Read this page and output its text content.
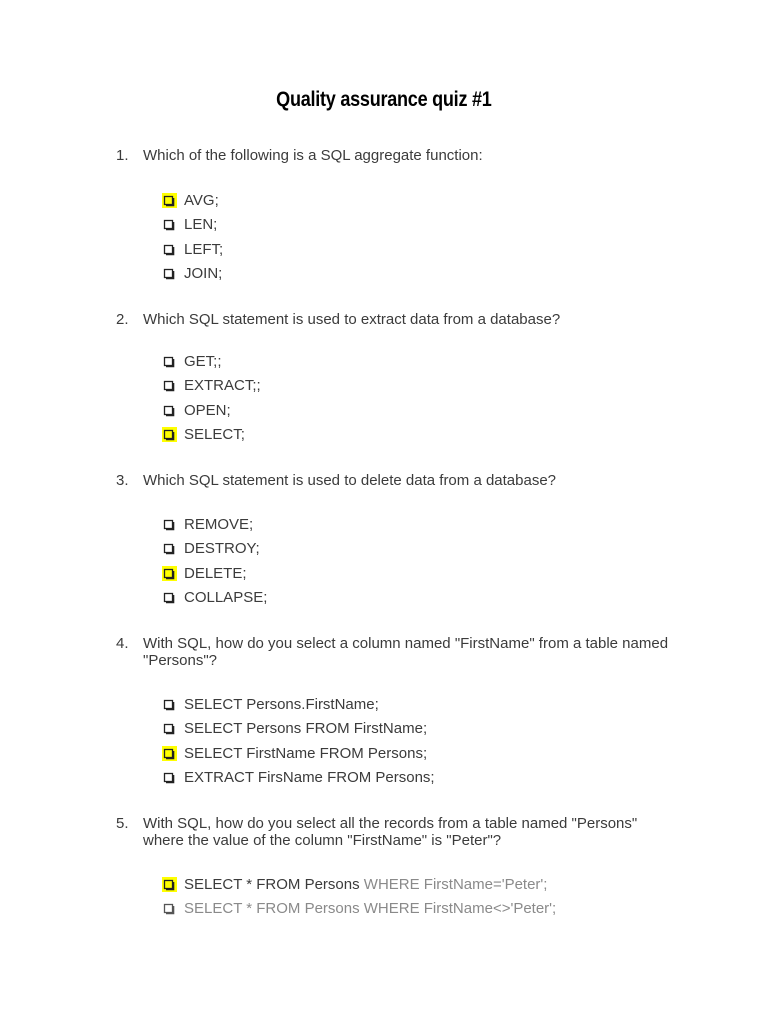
Quality assurance quiz #1
1. Which of the following is a SQL aggregate function:
AVG;
LEN;
LEFT;
JOIN;
2. Which SQL statement is used to extract data from a database?
GET;;
EXTRACT;;
OPEN;
SELECT;
3. Which SQL statement is used to delete data from a database?
REMOVE;
DESTROY;
DELETE;
COLLAPSE;
4. With SQL, how do you select a column named "FirstName" from a table named "Persons"?
SELECT Persons.FirstName;
SELECT Persons FROM FirstName;
SELECT FirstName FROM Persons;
EXTRACT FirsName FROM Persons;
5. With SQL, how do you select all the records from a table named "Persons" where the value of the column "FirstName" is "Peter"?
SELECT * FROM Persons WHERE FirstName='Peter';
SELECT * FROM Persons WHERE FirstName<>'Peter';
